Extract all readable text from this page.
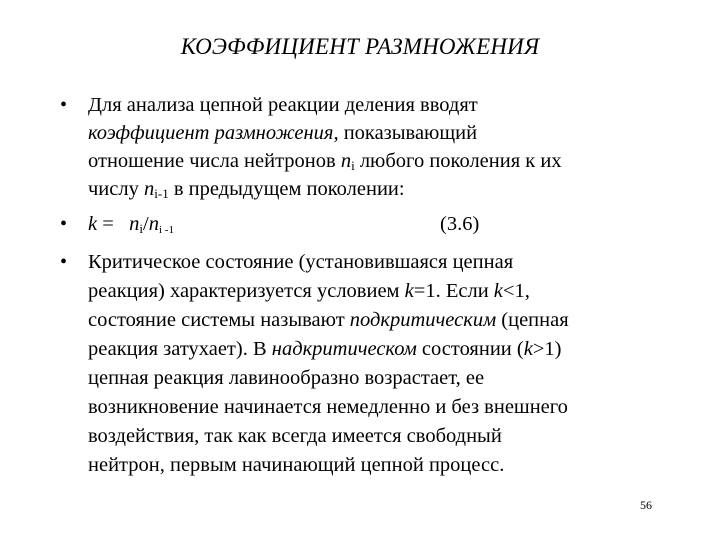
КОЭФФИЦИЕНТ РАЗМНОЖЕНИЯ
• Для анализа цепной реакции деления вводят
коэффициент размножения, показывающий
отношение числа нейтронов $n_i$ любого поколения к их
числу $n_{i-1}$ в предыдущем поколении:
• $k = n_i/n_{i -1}$	(3.6)
• Критическое состояние (установившаяся цепная
реакция) характеризуется условием k=1. Если k<1,
состояние системы называют подкритическим (цепная
реакция затухает). В надкритическом состоянии (k>1)
цепная реакция лавинообразно возрастает, ее
возникновение начинается немедленно и без внешнего
воздействия, так как всегда имеется свободный
нейтрон, первым начинающий цепной процесс.
56
